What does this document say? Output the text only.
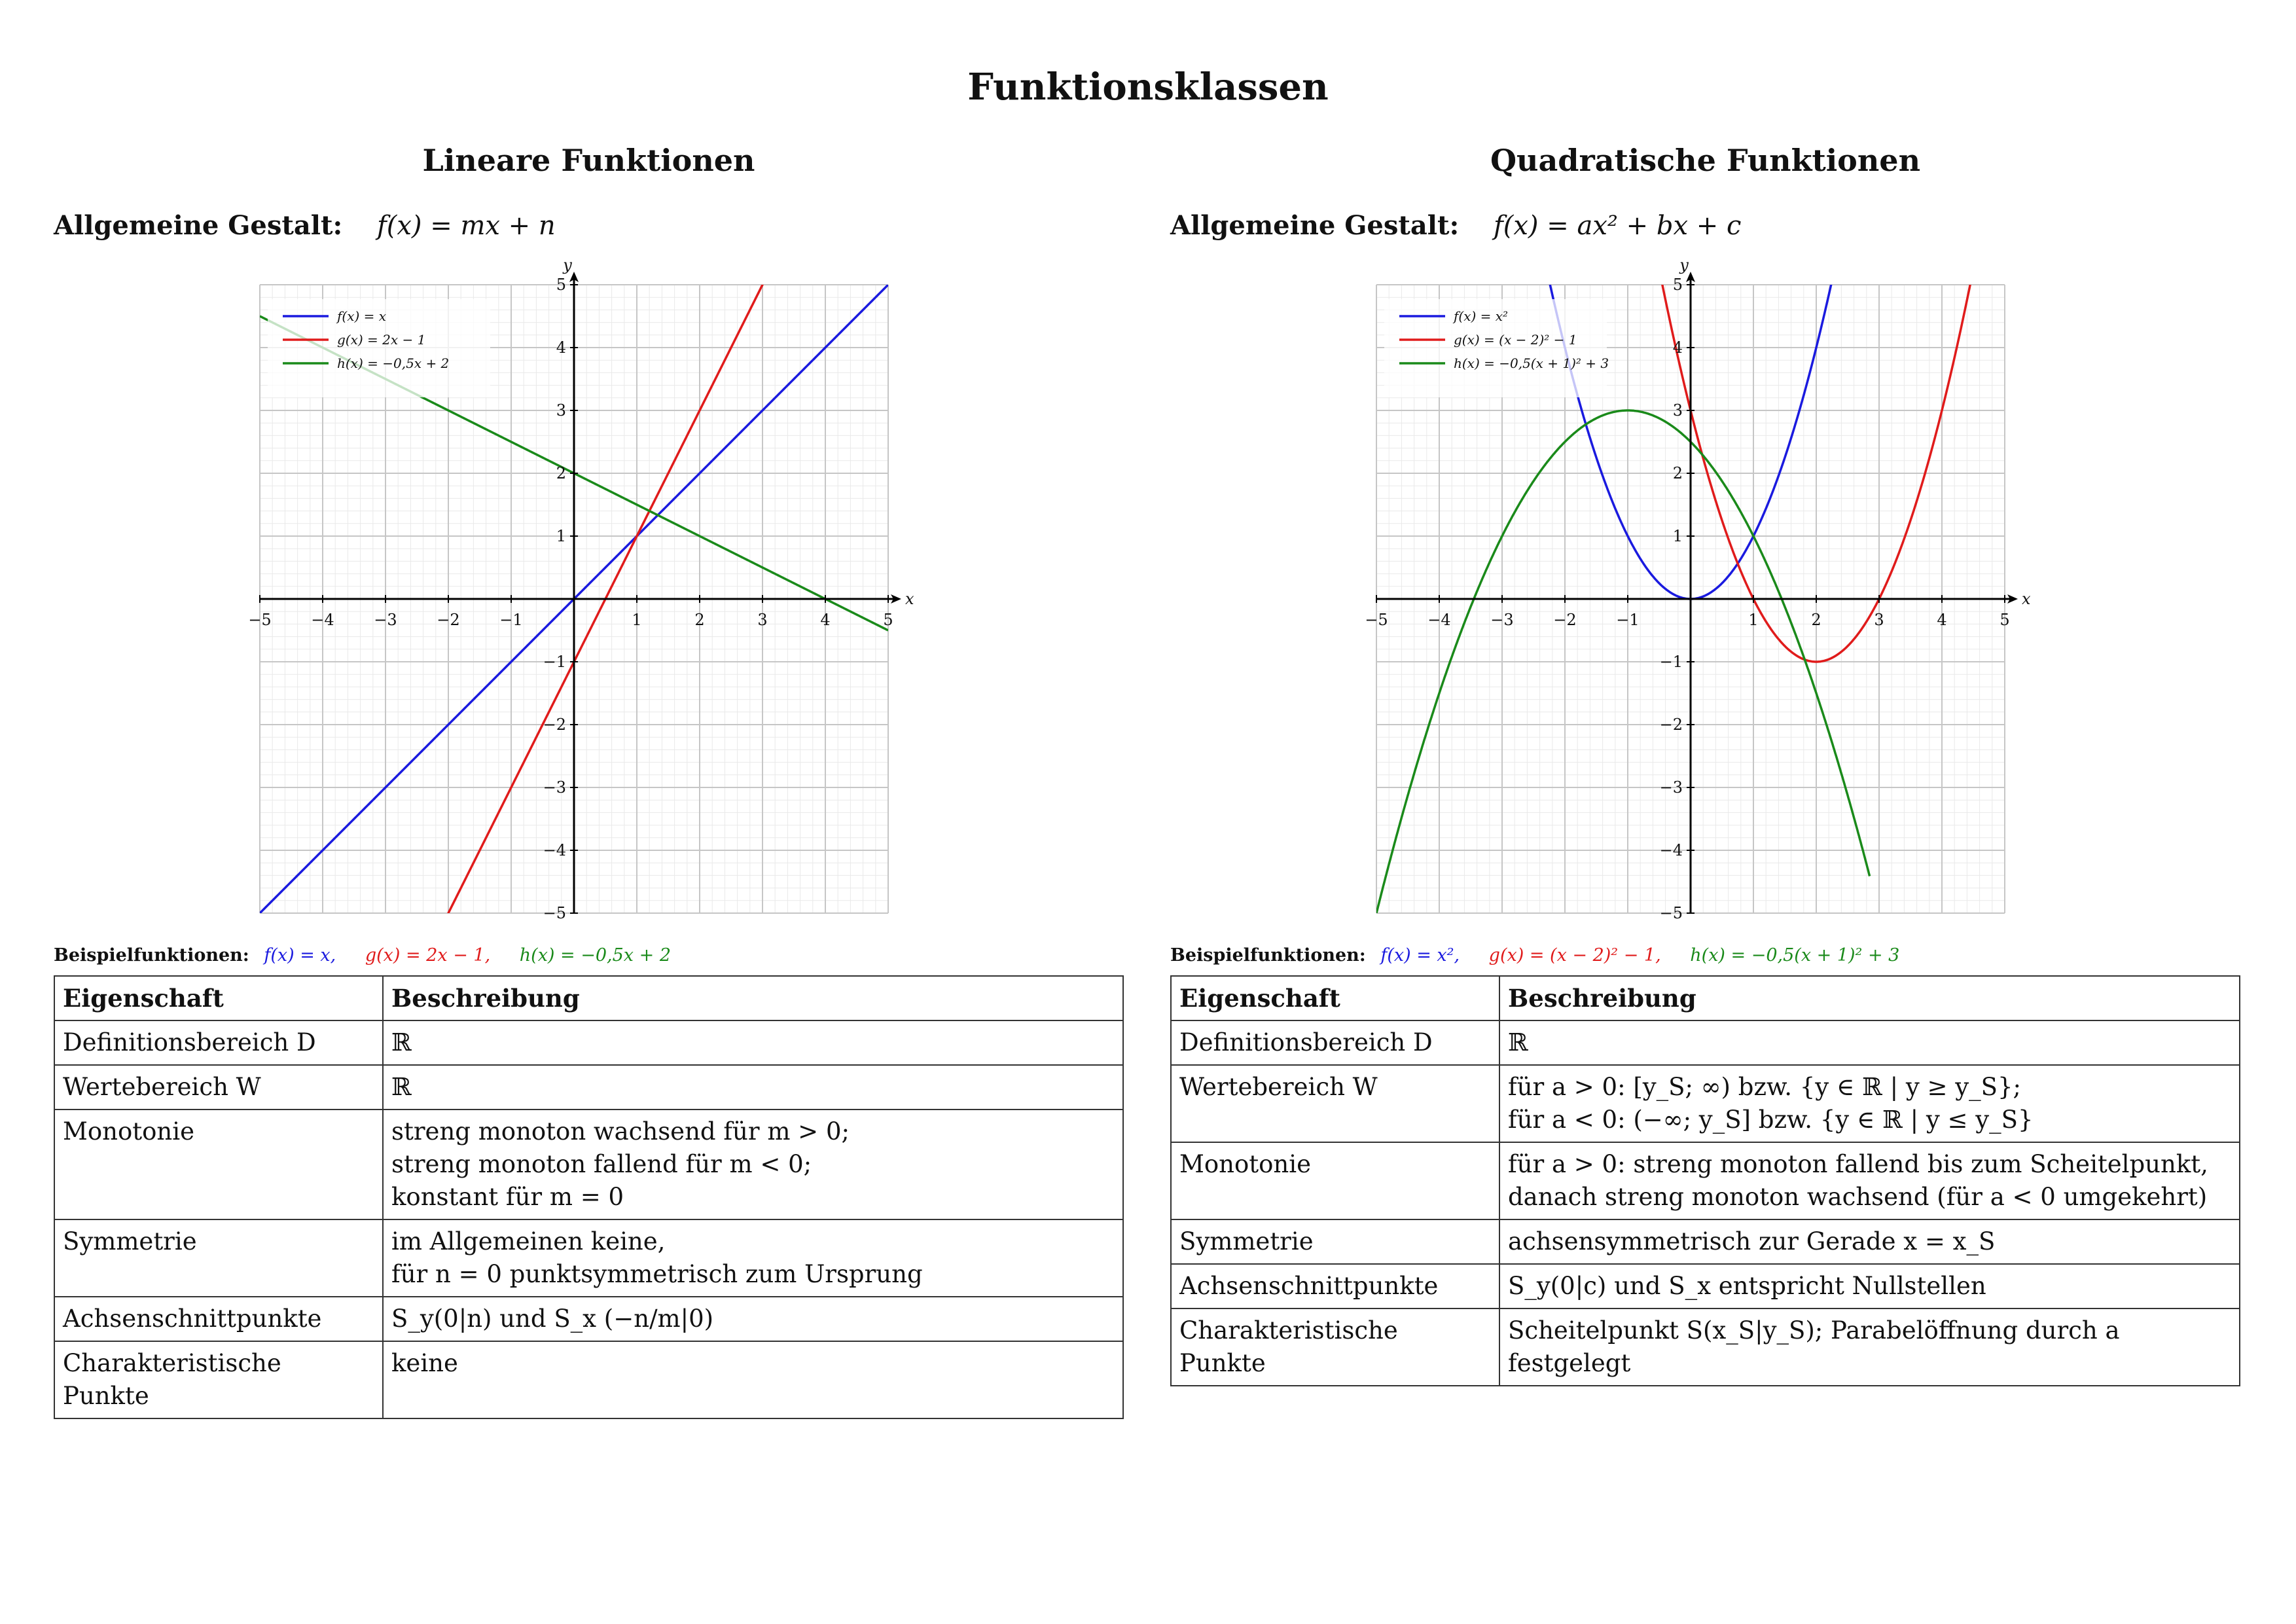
Funktionsklassen
Lineare Funktionen
Allgemeine Gestalt: f(x) = mx + n
x
y
−5
−5
−4
−4
−3
−3
−2
−2
−1
−1
1
1
2
2
3
3
4
4
5
5
f(x) = x
g(x) = 2x − 1
h(x) = −0,5x + 2
Beispielfunktionen: f(x) = x, g(x) = 2x − 1, h(x) = −0,5x + 2
Eigenschaft	Beschreibung
Definitionsbereich D	ℝ

Wertebereich W	ℝ

Monotonie	streng monoton wachsend für m > 0;
streng monoton fallend für m < 0;
konstant für m = 0

Symmetrie	im Allgemeinen keine,
für n = 0 punktsymmetrisch zum Ursprung

Achsenschnittpunkte	S_y(0|n) und S_x (−n/m|0)

Charakteristische Punkte	keine
Quadratische Funktionen
Allgemeine Gestalt: f(x) = ax² + bx + c
x
y
−5
−5
−4
−4
−3
−3
−2
−2
−1
−1
1
1
2
2
3
3
4
4
5
5
f(x) = x²
g(x) = (x − 2)² − 1
h(x) = −0,5(x + 1)² + 3
Beispielfunktionen: f(x) = x², g(x) = (x − 2)² − 1, h(x) = −0,5(x + 1)² + 3
Eigenschaft	Beschreibung
Definitionsbereich D	ℝ

Wertebereich W	für a > 0: [y_S; ∞) bzw. {y ∈ ℝ | y ≥ y_S};
für a < 0: (−∞; y_S] bzw. {y ∈ ℝ | y ≤ y_S}

Monotonie	für a > 0: streng monoton fallend bis zum Scheitelpunkt,
danach streng monoton wachsend (für a < 0 umgekehrt)

Symmetrie	achsensymmetrisch zur Gerade x = x_S

Achsenschnittpunkte	S_y(0|c) und S_x entspricht Nullstellen

Charakteristische Punkte	Scheitelpunkt S(x_S|y_S); Parabelöffnung durch a festgelegt
